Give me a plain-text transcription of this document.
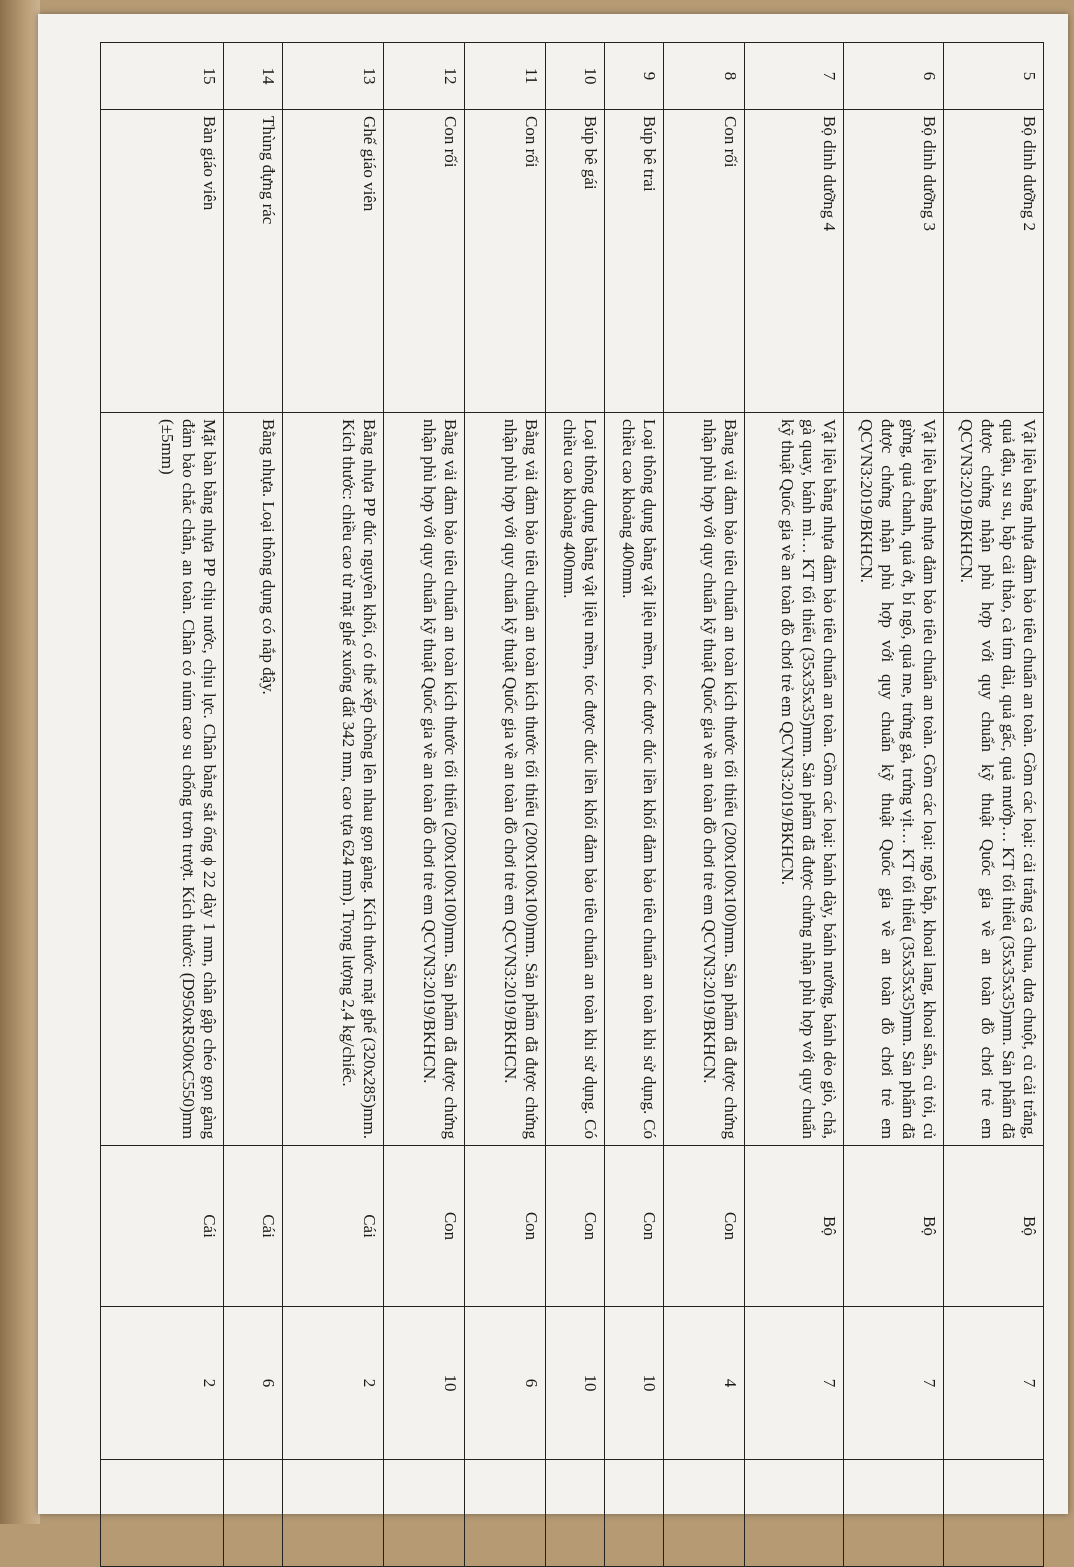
5	Bộ dinh dưỡng 2	Vật liệu bằng nhựa đảm bảo tiêu chuẩn an toàn. Gồm các loại: cải trắng cà chua, dưa chuột, củ cải trắng, quả đậu, su su, bắp cải thảo, cà tím dài, quả gấc, quả mướp… KT tối thiểu (35x35x35)mm. Sản phẩm đã được chứng nhận phù hợp với quy chuẩn kỹ thuật Quốc gia về an toàn đồ chơi trẻ em QCVN3:2019/BKHCN.	Bộ	7	
6	Bộ dinh dưỡng 3	Vật liệu bằng nhựa đảm bảo tiêu chuẩn an toàn. Gồm các loại: ngô bắp, khoai lang, khoai sắn, củ tỏi, củ gừng, quả chanh, quả ớt, bí ngô, quả me, trứng gà, trứng vịt… KT tối thiểu (35x35x35)mm. Sản phẩm đã được chứng nhận phù hợp với quy chuẩn kỹ thuật Quốc gia về an toàn đồ chơi trẻ em QCVN3:2019/BKHCN.	Bộ	7	
7	Bộ dinh dưỡng 4	Vật liệu bằng nhựa đảm bảo tiêu chuẩn an toàn. Gồm các loại: bánh dày, bánh nướng, bánh dẻo giò, chả, gà quay, bánh mì… KT tối thiểu (35x35x35)mm. Sản phẩm đã được chứng nhận phù hợp với quy chuẩn kỹ thuật Quốc gia về an toàn đồ chơi trẻ em QCVN3:2019/BKHCN.	Bộ	7	
8	Con rối	Bằng vải đảm bảo tiêu chuẩn an toàn kích thước tối thiểu (200x100x100)mm. Sản phẩm đã được chứng nhận phù hợp với quy chuẩn kỹ thuật Quốc gia về an toàn đồ chơi trẻ em QCVN3:2019/BKHCN.	Con	4	
9	Búp bê trai	Loại thông dụng bằng vật liệu mềm, tóc được đúc liền khối đảm bảo tiêu chuẩn an toàn khi sử dụng. Có chiều cao khoảng 400mm.	Con	10	
10	Búp bê gái	Loại thông dụng bằng vật liệu mềm, tóc được đúc liền khối đảm bảo tiêu chuẩn an toàn khi sử dụng. Có chiều cao khoảng 400mm.	Con	10	
11	Con rối	Bằng vải đảm bảo tiêu chuẩn an toàn kích thước tối thiểu (200x100x100)mm. Sản phẩm đã được chứng nhận phù hợp với quy chuẩn kỹ thuật Quốc gia về an toàn đồ chơi trẻ em QCVN3:2019/BKHCN.	Con	6	
12	Con rối	Bằng vải đảm bảo tiêu chuẩn an toàn kích thước tối thiểu (200x100x100)mm. Sản phẩm đã được chứng nhận phù hợp với quy chuẩn kỹ thuật Quốc gia về an toàn đồ chơi trẻ em QCVN3:2019/BKHCN.	Con	10	
13	Ghế giáo viên	Bằng nhựa PP đúc nguyên khối, có thể xếp chồng lên nhau gọn gàng. Kích thước mặt ghế (320x285)mm. Kích thước: chiều cao từ mặt ghế xuống đất 342 mm, cao tựa 624 mm). Trọng lượng 2,4 kg/chiếc.	Cái	2	
14	Thùng đựng rác	Bằng nhựa. Loại thông dụng có nắp đậy.	Cái	6	
15	Bàn giáo viên	Mặt bàn bằng nhựa PP chịu nước, chịu lực. Chân bằng sắt ống ϕ 22 dày 1 mm, chân gập chéo gọn gàng đảm bảo chắc chắn, an toàn. Chân có núm cao su chống trơn trượt. Kích thước: (D950xR500xC550)mm (±5mm)	Cái	2	
